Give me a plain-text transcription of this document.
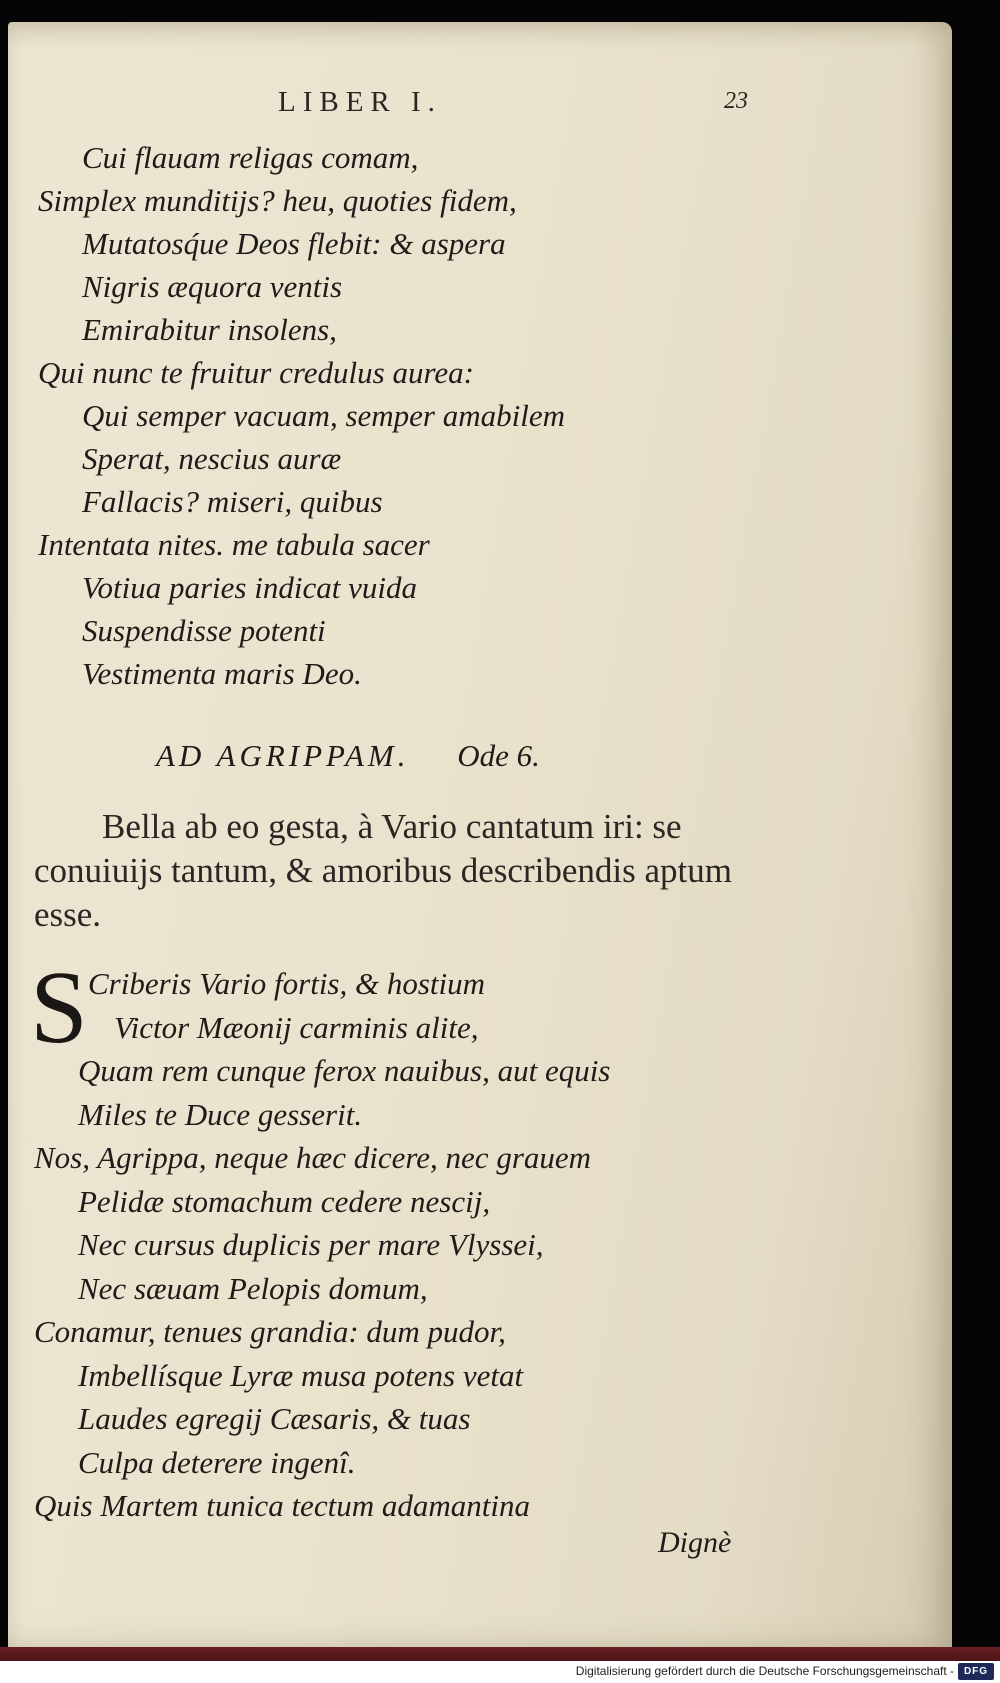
LIBER I.	23
Cui flauam religas comam,
Simplex munditijs? heu, quoties fidem,
Mutatosq́ue Deos flebit: & aspera
Nigris æquora ventis
Emirabitur insolens,
Qui nunc te fruitur credulus aurea:
Qui semper vacuam, semper amabilem
Sperat, nescius auræ
Fallacis? miseri, quibus
Intentata nites. me tabula sacer
Votiua paries indicat vuida
Suspendisse potenti
Vestimenta maris Deo.
AD AGRIPPAM. Ode 6.

Bella ab eo gesta, à Vario cantatum iri: se conuiuijs tantum, & amoribus describendis aptum esse.

S Criberis Vario fortis, & hostium
Victor Mæonij carminis alite,
Quam rem cunque ferox nauibus, aut equis
Miles te Duce gesserit.
Nos, Agrippa, neque hæc dicere, nec grauem
Pelidæ stomachum cedere nescij,
Nec cursus duplicis per mare Vlyssei,
Nec sæuam Pelopis domum,
Conamur, tenues grandia: dum pudor,
Imbellísque Lyræ musa potens vetat
Laudes egregij Cæsaris, & tuas
Culpa deterere ingenî.
Quis Martem tunica tectum adamantina
Dignè
Digitalisierung gefördert durch die Deutsche Forschungsgemeinschaft - DFG
